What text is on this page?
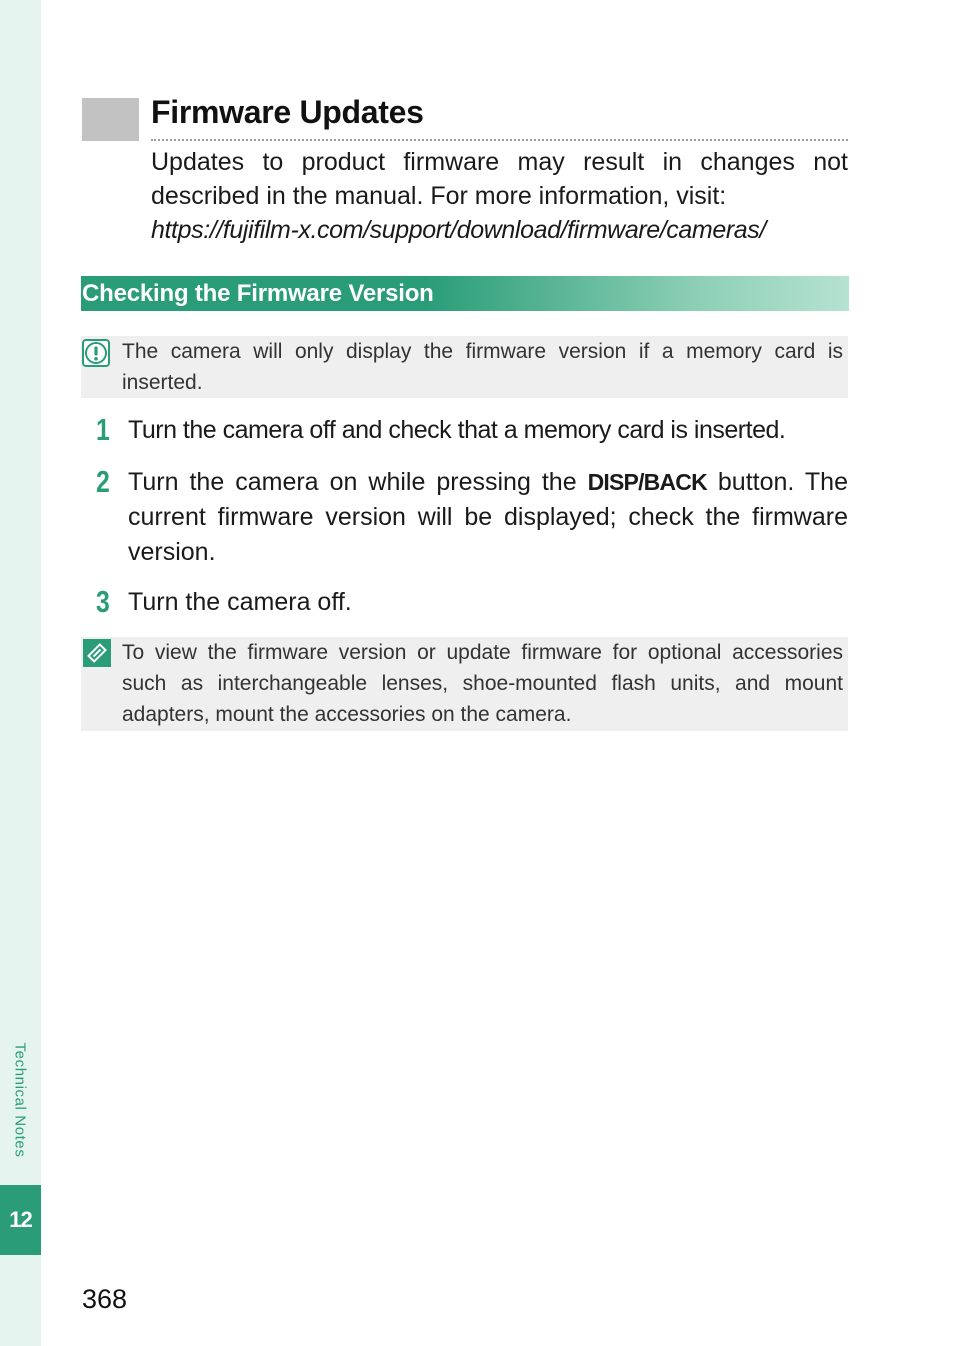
Technical Notes
12
Firmware Updates

Updates to product firmware may result in changes not described in the manual. For more information, visit:
https://fujifilm-x.com/support/download/firmware/cameras/

Checking the Firmware Version
The camera will only display the firmware version if a memory card is inserted.
1 Turn the camera off and check that a memory card is inserted.
2 Turn the camera on while pressing the DISP/BACK button. The current firmware version will be displayed; check the firmware version.
3 Turn the camera off.
To view the firmware version or update firmware for optional accessories such as interchangeable lenses, shoe-mounted flash units, and mount adapters, mount the accessories on the camera.
368
